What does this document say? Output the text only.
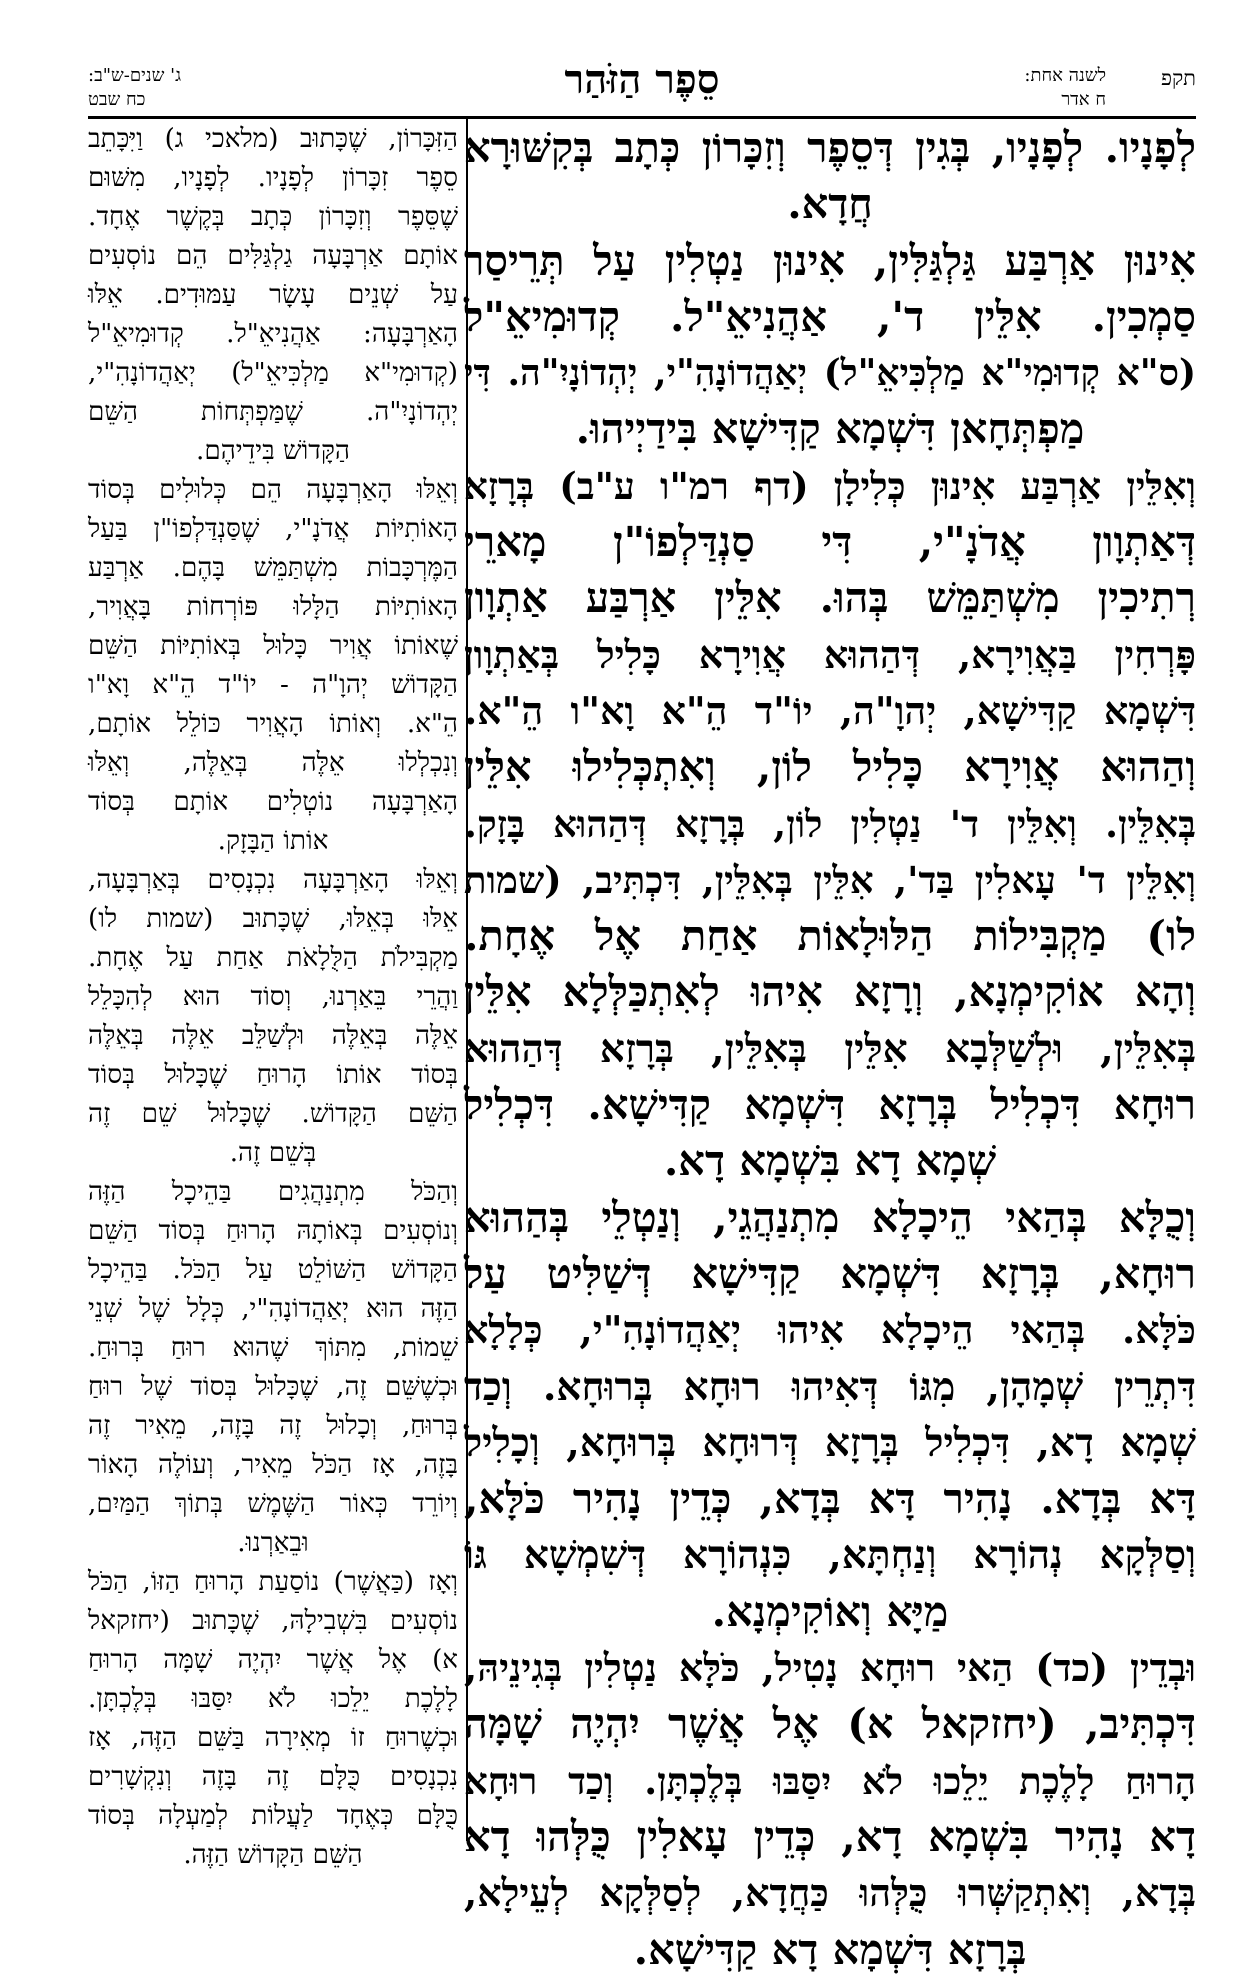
תקפ
לשנה אחת:
ח אדר
סֵפֶר הַזֹּהַר
ג' שנים-ש"ב:
כח שבט
לְפָנָיו. לְפָנָיו, בְּגִין דְּסֵפֶר וְזִכָּרוֹן כְּתָב בְּקִשּׁוּרָא
חֲדָא.
אִינוּן אַרְבַּע גַּלְגַּלִּין, אִינוּן נַטְלִין עַל תְּרֵיסַר
סַמְכִין. אִלֵּין ד', אַהֲנִיאֵ"ל. קְדוּמִיאֵ"ל
(ס"א קְדוּמִי"א מַלְכִּיאֵ"ל) יְאַהֲדוֹנָהִ"י, יְהְדוֹנָיִ"ה. דִּי
מַפְתְּחָאן דִּשְׁמָא קַדִּישָׁא בִּידַיְיהוּ.
וְאִלֵּין אַרְבַּע אִינוּן כְּלִילָן (דף רמ"ו ע"ב) בְּרָזָא
דְּאַתְוָון אֲדֹנָ"י, דִּי סַנְדַּלְפוֹ"ן מָארֵי
רְתִיכִין מִשְׁתַּמֵּשׁ בְּהוּ. אִלֵּין אַרְבַּע אַתְוָון
פָּרְחִין בַּאֲוִירָא, דְּהַהוּא אֲוִירָא כָּלִיל בְּאַתְוָון
דִּשְׁמָא קַדִּישָׁא, יְהוָ"ה, יוֹ"ד הֵ"א וָא"ו הֵ"א.
וְהַהוּא אֲוִירָא כָּלִיל לוֹן, וְאִתְכְּלִילוּ אִלֵּין
בְּאִלֵּין. וְאִלֵּין ד' נַטְלִין לוֹן, בְּרָזָא דְּהַהוּא בָּזָק.
וְאִלֵּין ד' עָאלִין בַּד', אִלֵּין בְּאִלֵּין, דִּכְתִּיב, (שמות
לו) מַקְבִּילוֹת הַלּוּלָאוֹת אַחַת אֶל אֶחָת.
וְהָא אוֹקִימְנָא, וְרָזָא אִיהוּ לְאִתְכַּלְּלָא אִלֵּין
בְּאִלֵּין, וּלְשַׁלְּבָא אִלֵּין בְּאִלֵּין, בְּרָזָא דְּהַהוּא
רוּחָא דִּכְלִיל בְּרָזָא דִּשְׁמָא קַדִּישָׁא. דִּכְלִיל
שְׁמָא דָא בִּשְׁמָא דָא.
וְכֻלָּא בְּהַאי הֵיכָלָא מִתְנַהֲגֵי, וְנַטְלֵי בְּהַהוּא
רוּחָא, בְּרָזָא דִּשְׁמָא קַדִּישָׁא דְּשַׁלִּיט עַל
כֹּלָּא. בְּהַאי הֵיכָלָא אִיהוּ יְאַהֲדוֹנָהִ"י, כְּלָלָא
דִּתְרֵין שְׁמָהָן, מִגּוֹ דְּאִיהוּ רוּחָא בְּרוּחָא. וְכַד
שְׁמָא דָא, דִּכְלִיל בְּרָזָא דְּרוּחָא בְּרוּחָא, וְכָלִיל
דָּא בְּדָא. נָהִיר דָּא בְּדָא, כְּדֵין נָהִיר כֹּלָּא,
וְסַלְּקָא נְהוֹרָא וְנַחְתָּא, כִּנְהוֹרָא דְּשִׁמְשָׁא גּוֹ
מַיָּא וְאוֹקִימְנָא.
וּבְדֵין (כד) הַאי רוּחָא נָטִיל, כֹּלָּא נַטְלִין בְּגִינֵיהּ,
דִּכְתִּיב, (יחזקאל א) אֶל אֲשֶׁר יִהְיֶה שָׁמָּה
הָרוּחַ לָלֶכֶת יֵלֵכוּ לֹא יִסַּבּוּ בְּלֶכְתָּן. וְכַד רוּחָא
דָא נָהִיר בִּשְׁמָא דָא, כְּדֵין עָאלִין כֻּלְּהוּ דָא
בְּדָא, וְאִתְקַשְּׁרוּ כֻּלְּהוּ כַּחֲדָא, לְסַלְּקָא לְעֵילָא,
בְּרָזָא דִּשְׁמָא דָא קַדִּישָׁא.
הַזִּכָּרוֹן, שֶׁכָּתוּב (מלאכי ג) וַיִּכָּתֵב
סֵפֶר זִכָּרוֹן לְפָנָיו. לְפָנָיו, מִשּׁוּם
שֶׁסֵּפֶר וְזִכָּרוֹן כְּתָב בְּקֶשֶׁר אֶחָד.
אוֹתָם אַרְבָּעָה גַלְגַּלִּים הֵם נוֹסְעִים
עַל שְׁנֵים עָשָׂר עַמּוּדִים. אֵלּוּ
הָאַרְבָּעָה: אַהֲנִיאֵ"ל. קְדוּמִיאֵ"ל
(קְדוּמִי"א מַלְכִּיאֵ"ל) יְאַהֲדוֹנָהִ"י,
יְהְדוֹנָיִ"ה. שֶׁמַּפְתְּחוֹת הַשֵּׁם
הַקָּדוֹשׁ בִּידֵיהֶם.
וְאֵלּוּ הָאַרְבָּעָה הֵם כְּלוּלִים בְּסוֹד
הָאוֹתִיּוֹת אֲדֹנָ"י, שֶׁסַּנְדַּלְפוֹ"ן בַּעַל
הַמֶּרְכָּבוֹת מִשְׁתַּמֵּשׁ בָּהֶם. אַרְבַּע
הָאוֹתִיּוֹת הַלָּלוּ פּוֹרְחוֹת בָּאֲוִיר,
שֶׁאוֹתוֹ אֲוִיר כָּלוּל בְּאוֹתִיּוֹת הַשֵּׁם
הַקָּדוֹשׁ יְהוָ"ה - יוֹ"ד הֵ"א וָא"ו
הֵ"א. וְאוֹתוֹ הָאֲוִיר כּוֹלֵל אוֹתָם,
וְנִכְלְלוּ אֵלֶּה בְּאֵלֶּה, וְאֵלּוּ
הָאַרְבָּעָה נוֹטְלִים אוֹתָם בְּסוֹד
אוֹתוֹ הַבָּזָק.
וְאֵלּוּ הָאַרְבָּעָה נִכְנָסִים בְּאַרְבָּעָה,
אֵלּוּ בְּאֵלּוּ, שֶׁכָּתוּב (שמות לו)
מַקְבִּילֹת הַלֻּלָאֹת אַחַת עַל אֶחָת.
וַהֲרֵי בֵּאַרְנוּ, וְסוֹד הוּא לְהִכָּלֵל
אֵלֶּה בְּאֵלֶּה וּלְשַׁלֵּב אֵלֶּה בְּאֵלֶּה
בְּסוֹד אוֹתוֹ הָרוּחַ שֶׁכָּלוּל בְּסוֹד
הַשֵּׁם הַקָּדוֹשׁ. שֶׁכָּלוּל שֵׁם זֶה
בְּשֵׁם זֶה.
וְהַכֹּל מִתְנַהֲגִים בַּהֵיכָל הַזֶּה
וְנוֹסְעִים בְּאוֹתָהּ הָרוּחַ בְּסוֹד הַשֵּׁם
הַקָּדוֹשׁ הַשּׁוֹלֵט עַל הַכֹּל. בַּהֵיכָל
הַזֶּה הוּא יְאַהֲדוֹנָהִ"י, כְּלָל שֶׁל שְׁנֵי
שֵׁמוֹת, מִתּוֹךְ שֶׁהוּא רוּחַ בְּרוּחַ.
וּכְשֶׁשֵּׁם זֶה, שֶׁכָּלוּל בְּסוֹד שֶׁל רוּחַ
בְּרוּחַ, וְכָלוּל זֶה בָּזֶה, מֵאִיר זֶה
בָּזֶה, אָז הַכֹּל מֵאִיר, וְעוֹלֶה הָאוֹר
וְיוֹרֵד כְּאוֹר הַשֶּׁמֶשׁ בְּתוֹךְ הַמַּיִם,
וּבֵאַרְנוּ.
וְאָז (כַּאֲשֶׁר) נוֹסַעַת הָרוּחַ הַזּוֹ, הַכֹּל
נוֹסְעִים בִּשְׁבִילָהּ, שֶׁכָּתוּב (יחזקאל
א) אֶל אֲשֶׁר יִהְיֶה שָׁמָּה הָרוּחַ
לָלֶכֶת יֵלֵכוּ לֹא יִסַּבּוּ בְּלֶכְתָּן.
וּכְשֶׁרוּחַ זוֹ מְאִירָה בַּשֵּׁם הַזֶּה, אָז
נִכְנָסִים כֻּלָּם זֶה בָּזֶה וְנִקְשָׁרִים
כֻּלָּם כְּאֶחָד לַעֲלוֹת לְמַעְלָה בְּסוֹד
הַשֵּׁם הַקָּדוֹשׁ הַזֶּה.
